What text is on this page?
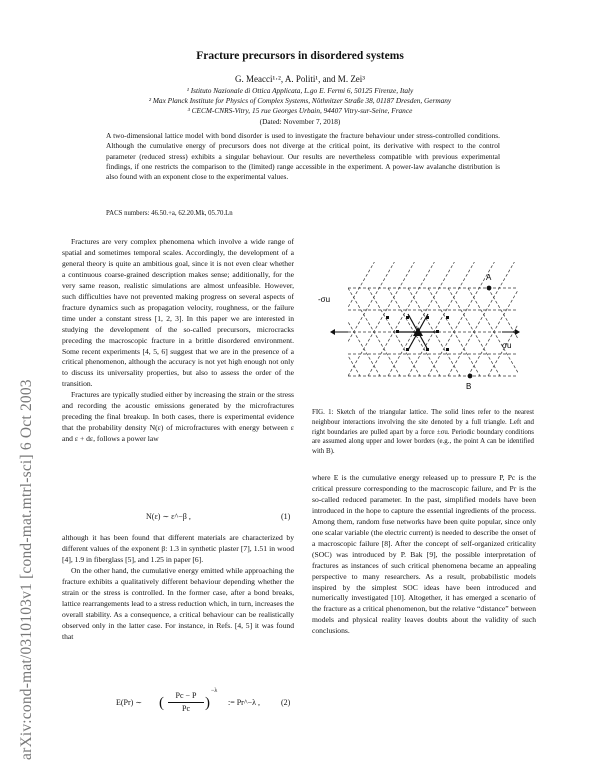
arXiv:cond-mat/0310103v1 [cond-mat.mtrl-sci] 6 Oct 2003
Fracture precursors in disordered systems
G. Meacci¹·², A. Politi¹, and M. Zei³
¹ Istituto Nazionale di Ottica Applicata, L.go E. Fermi 6, 50125 Firenze, Italy
² Max Planck Institute for Physics of Complex Systems, Nöthnitzer Straße 38, 01187 Dresden, Germany
³ CECM-CNRS-Vitry, 15 rue Georges Urbain, 94407 Vitry-sur-Seine, France
(Dated: November 7, 2018)
A two-dimensional lattice model with bond disorder is used to investigate the fracture behaviour under stress-controlled conditions. Although the cumulative energy of precursors does not diverge at the critical point, its derivative with respect to the control parameter (reduced stress) exhibits a singular behaviour. Our results are nevertheless compatible with previous experimental findings, if one restricts the comparison to the (limited) range accessible in the experiment. A power-law avalanche distribution is also found with an exponent close to the experimental values.
PACS numbers: 46.50.+a, 62.20.Mk, 05.70.Ln

Fractures are very complex phenomena which involve a wide range of spatial and sometimes temporal scales. Accordingly, the development of a general theory is quite an ambitious goal, since it is not even clear whether a continuous coarse-grained description makes sense; additionally, for the very same reason, realistic simulations are almost unfeasible. However, such difficulties have not prevented making progress on several aspects of fracture dynamics such as propagation velocity, roughness, or the failure time under a constant stress [1, 2, 3]. In this paper we are interested in studying the development of the so-called precursors, microcracks preceding the macroscopic fracture in a brittle disordered environment. Some recent experiments [4, 5, 6] suggest that we are in the presence of a critical phenomenon, although the accuracy is not yet high enough not only to discuss its universality properties, but also to assess the order of the transition.

Fractures are typically studied either by increasing the strain or the stress and recording the acoustic emissions generated by the microfractures preceding the final breakup. In both cases, there is experimental evidence that the probability density N(ε) of microfractures with energy between ε and ε + dε, follows a power law

N(ε) ∼ ε^−β ,	(1)

although it has been found that different materials are characterized by different values of the exponent β: 1.3 in synthetic plaster [7], 1.51 in wood [4], 1.9 in fiberglass [5], and 1.25 in paper [6].

On the other hand, the cumulative energy emitted while approaching the fracture exhibits a qualitatively different behaviour depending whether the strain or the stress is controlled. In the former case, after a bond breaks, lattice rearrangements lead to a stress reduction which, in turn, increases the overall stability. As a consequence, a critical behaviour can be realistically observed only in the latter case. For instance, in Refs. [4, 5] it was found that

E(Pr) ∼ (	Pc − P
Pc	)
−λ
:= Pr^−λ ,	(2)
-σu
σu
A
B
FIG. 1: Sketch of the triangular lattice. The solid lines refer to the nearest neighbour interactions involving the site denoted by a full triangle. Left and right boundaries are pulled apart by a force ±σu. Periodic boundary conditions are assumed along upper and lower borders (e.g., the point A can be identified with B).

where E is the cumulative energy released up to pressure P, Pc is the critical pressure corresponding to the macroscopic failure, and Pr is the so-called reduced parameter. In the past, simplified models have been introduced in the hope to capture the essential ingredients of the process. Among them, random fuse networks have been quite popular, since only one scalar variable (the electric current) is needed to describe the onset of a macroscopic failure [8]. After the concept of self-organized criticality (SOC) was introduced by P. Bak [9], the possible interpretation of fractures as instances of such critical phenomena became an appealing perspective to many researchers. As a result, probabilistic models inspired by the simplest SOC ideas have been introduced and numerically investigated [10]. Altogether, it has emerged a scenario of the fracture as a critical phenomenon, but the relative “distance” between models and physical reality leaves doubts about the validity of such conclusions.
